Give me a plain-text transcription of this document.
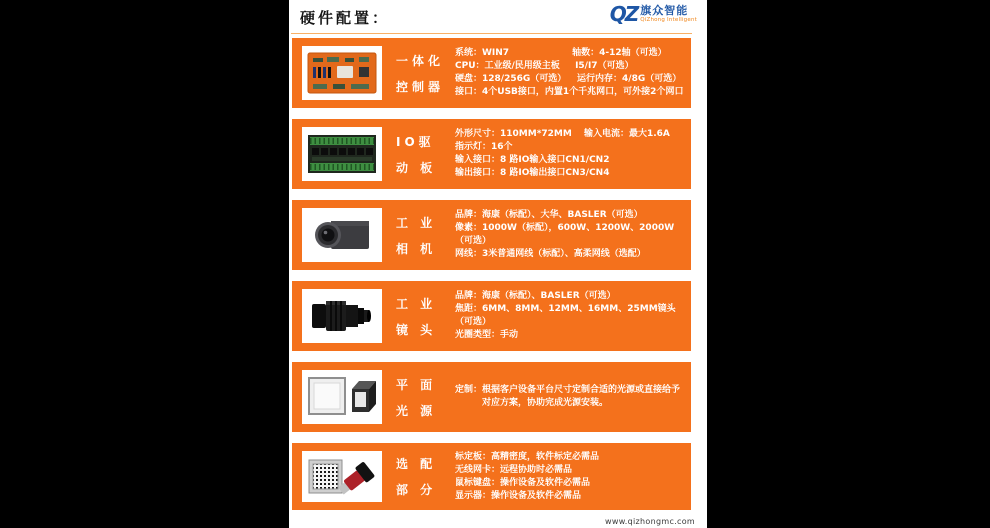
硬件配置：	QZ 旗众智能
QiZhong Intelligent
一体化
控制器
系统：WIN7　　　　　　　轴数：4-12轴（可选）
CPU：工业级/民用级主板　  I5/I7（可选）
硬盘：128/256G（可选）　  运行内存：4/8G（可选）
接口：4个USB接口，内置1个千兆网口，可外接2个网口
IO驱
动 板
外形尺寸：110MM*72MM　 输入电流：最大1.6A
指示灯：16个
输入接口：8 路IO输入接口CN1/CN2
输出接口：8 路IO输出接口CN3/CN4
工 业
相 机
品牌：海康（标配）、大华、BASLER（可选）
像素：1000W（标配），600W、1200W、2000W（可选）
网线：3米普通网线（标配）、高柔网线（选配）
工 业
镜 头
品牌：海康（标配）、BASLER（可选）
焦距：6MM、8MM、12MM、16MM、25MM镜头（可选）
光圈类型：手动
平 面
光 源
定制：根据客户设备平台尺寸定制合适的光源或直接给予
　　　对应方案，协助完成光源安装。
选 配
部 分
标定板：高精密度，软件标定必需品
无线网卡：远程协助时必需品
鼠标键盘：操作设备及软件必需品
显示器：操作设备及软件必需品
www.qizhongmc.com
